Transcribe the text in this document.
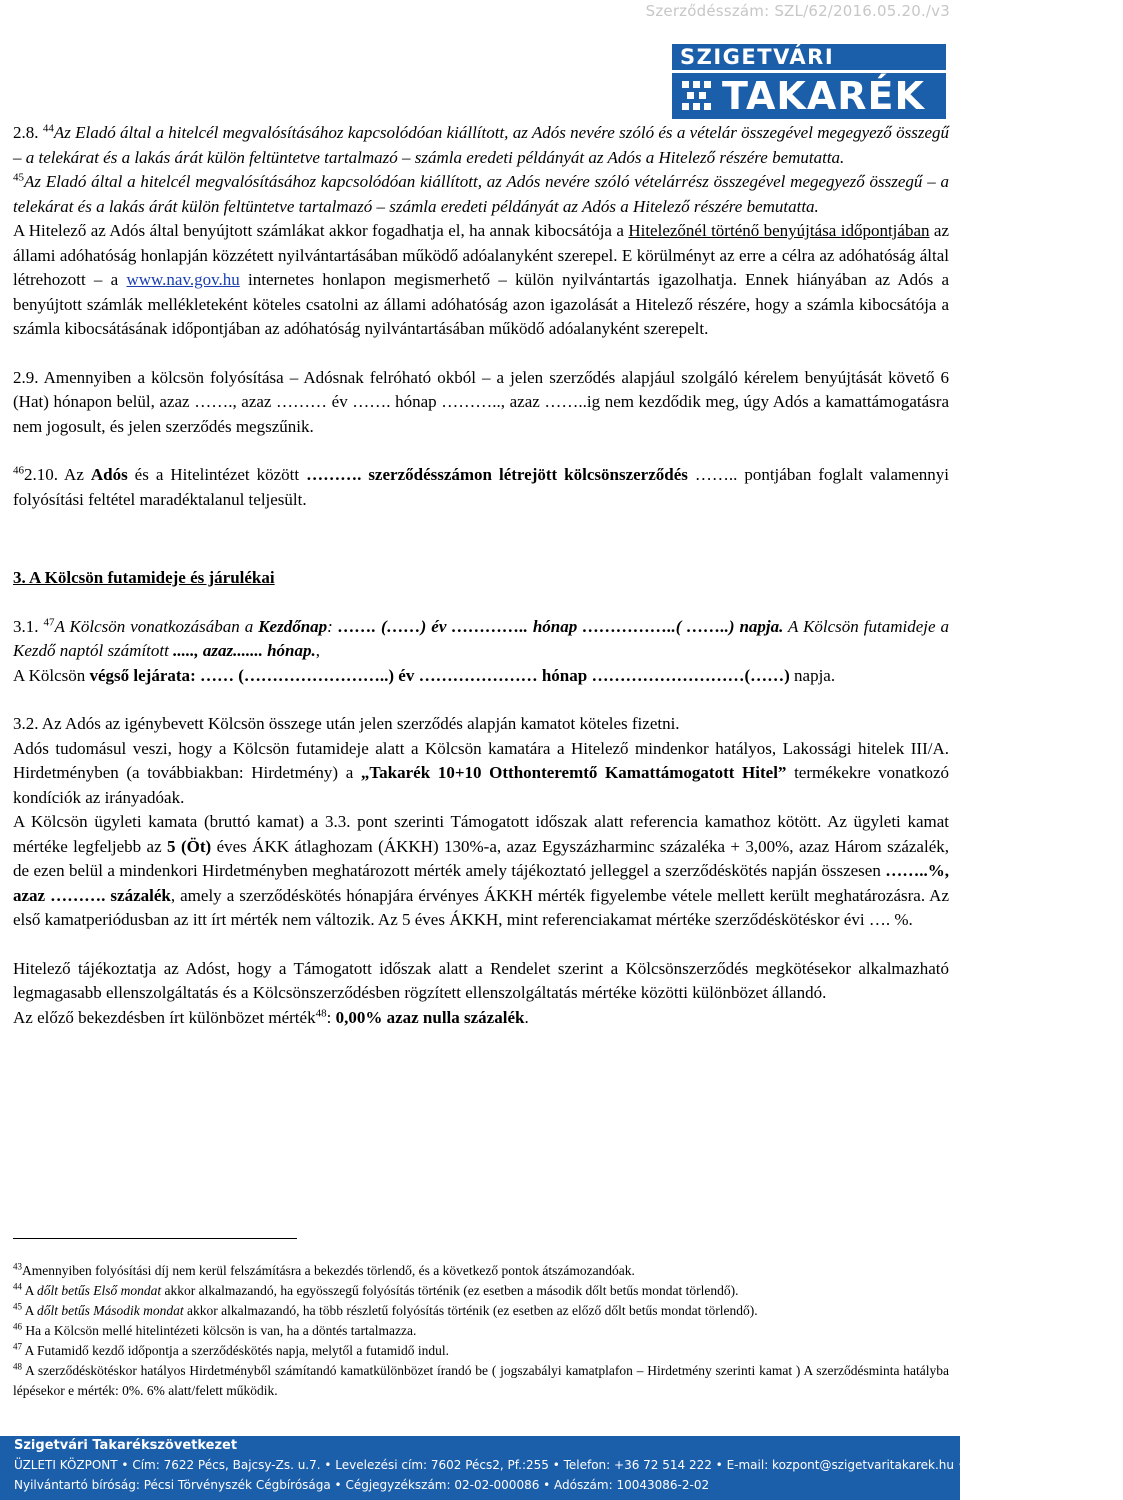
Szerződésszám: SZL/62/2016.05.20./v3
SZIGETVÁRI
TAKARÉK

2.8. $^{44}$Az Eladó által a hitelcél megvalósításához kapcsolódóan kiállított, az Adós nevére szóló és a vételár összegével megegyező összegű – a telekárat és a lakás árát külön feltüntetve tartalmazó – számla eredeti példányát az Adós a Hitelező részére bemutatta.

$^{45}$Az Eladó által a hitelcél megvalósításához kapcsolódóan kiállított, az Adós nevére szóló vételárrész összegével megegyező összegű – a telekárat és a lakás árát külön feltüntetve tartalmazó – számla eredeti példányát az Adós a Hitelező részére bemutatta.

A Hitelező az Adós által benyújtott számlákat akkor fogadhatja el, ha annak kibocsátója a Hitelezőnél történő benyújtása időpontjában az állami adóhatóság honlapján közzétett nyilvántartásában működő adóalanyként szerepel. E körülményt az erre a célra az adóhatóság által létrehozott – a www.nav.gov.hu internetes honlapon megismerhető – külön nyilvántartás igazolhatja. Ennek hiányában az Adós a benyújtott számlák mellékleteként köteles csatolni az állami adóhatóság azon igazolását a Hitelező részére, hogy a számla kibocsátója a számla kibocsátásának időpontjában az adóhatóság nyilvántartásában működő adóalanyként szerepelt.

2.9. Amennyiben a kölcsön folyósítása – Adósnak felróható okból – a jelen szerződés alapjául szolgáló kérelem benyújtását követő 6 (Hat) hónapon belül, azaz ……., azaz ……… év ……. hónap ……….., azaz ……..ig nem kezdődik meg, úgy Adós a kamattámogatásra nem jogosult, és jelen szerződés megszűnik.

$^{46}$2.10. Az Adós és a Hitelintézet között ………. szerződésszámon létrejött kölcsönszerződés …….. pontjában foglalt valamennyi folyósítási feltétel maradéktalanul teljesült.

3. A Kölcsön futamideje és járulékai

3.1. $^{47}$A Kölcsön vonatkozásában a Kezdőnap: ……. (……) év ………….. hónap ……………..( ……..) napja. A Kölcsön futamideje a Kezdő naptól számított ....., azaz....... hónap.,
A Kölcsön végső lejárata: …… (……………………..) év ………………… hónap ………………………(……) napja.

3.2. Az Adós az igénybevett Kölcsön összege után jelen szerződés alapján kamatot köteles fizetni.

Adós tudomásul veszi, hogy a Kölcsön futamideje alatt a Kölcsön kamatára a Hitelező mindenkor hatályos, Lakossági hitelek III/A. Hirdetményben (a továbbiakban: Hirdetmény) a „Takarék 10+10 Otthonteremtő Kamattámogatott Hitel” termékekre vonatkozó kondíciók az irányadóak.

A Kölcsön ügyleti kamata (bruttó kamat) a 3.3. pont szerinti Támogatott időszak alatt referencia kamathoz kötött. Az ügyleti kamat mértéke legfeljebb az 5 (Öt) éves ÁKK átlaghozam (ÁKKH) 130%-a, azaz Egyszázharminc százaléka + 3,00%, azaz Három százalék, de ezen belül a mindenkori Hirdetményben meghatározott mérték amely tájékoztató jelleggel a szerződéskötés napján összesen ……..%, azaz ………. százalék, amely a szerződéskötés hónapjára érvényes ÁKKH mérték figyelembe vétele mellett került meghatározásra. Az első kamatperiódusban az itt írt mérték nem változik. Az 5 éves ÁKKH, mint referenciakamat mértéke szerződéskötéskor évi …. %.

Hitelező tájékoztatja az Adóst, hogy a Támogatott időszak alatt a Rendelet szerint a Kölcsönszerződés megkötésekor alkalmazható legmagasabb ellenszolgáltatás és a Kölcsönszerződésben rögzített ellenszolgáltatás mértéke közötti különbözet állandó.

Az előző bekezdésben írt különbözet mérték$^{48}$: 0,00% azaz nulla százalék.

$^{43}$Amennyiben folyósítási díj nem kerül felszámításra a bekezdés törlendő, és a következő pontok átszámozandóak.

$^{44}$ A dőlt betűs Első mondat akkor alkalmazandó, ha egyösszegű folyósítás történik (ez esetben a második dőlt betűs mondat törlendő).

$^{45}$ A dőlt betűs Második mondat akkor alkalmazandó, ha több részletű folyósítás történik (ez esetben az előző dőlt betűs mondat törlendő).

$^{46}$ Ha a Kölcsön mellé hitelintézeti kölcsön is van, ha a döntés tartalmazza.

$^{47}$ A Futamidő kezdő időpontja a szerződéskötés napja, melytől a futamidő indul.

$^{48}$ A szerződéskötéskor hatályos Hirdetményből számítandó kamatkülönbözet írandó be ( jogszabályi kamatplafon – Hirdetmény szerinti kamat ) A szerződésminta hatályba lépésekor e mérték: 0%. 6% alatt/felett működik.

Szigetvári Takarékszövetkezet
ÜZLETI KÖZPONT • Cím: 7622 Pécs, Bajcsy-Zs. u.7. • Levelezési cím: 7602 Pécs2, Pf.:255 • Telefon: +36 72 514 222 • E-mail: kozpont@szigetvaritakarek.hu • www.szigetvaritakarek.hu
Nyilvántartó bíróság: Pécsi Törvényszék Cégbírósága • Cégjegyzékszám: 02-02-000086 • Adószám: 10043086-2-02
